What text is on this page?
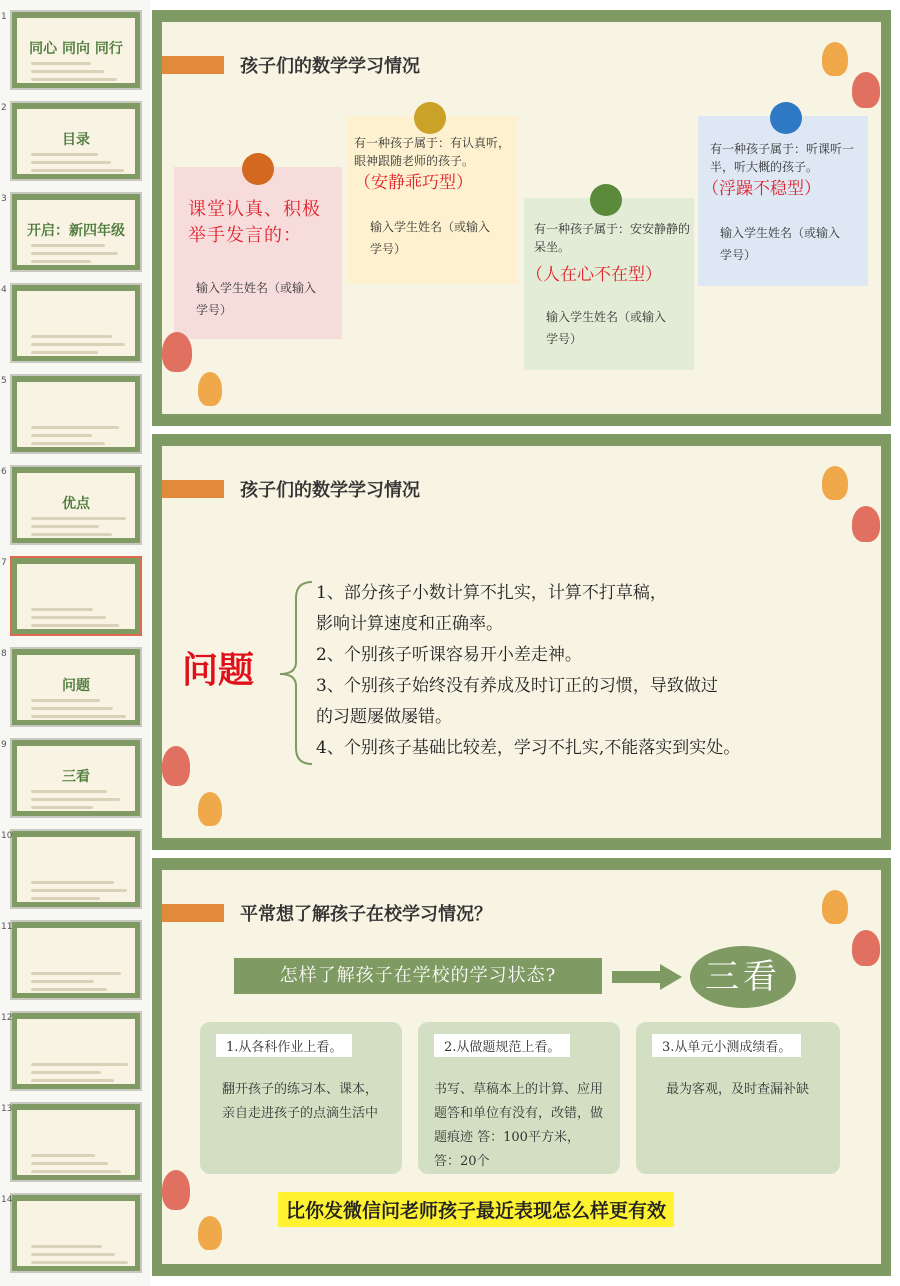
同心 同向 同行
1
目录
2
开启：新四年级
3
4
5
优点
6
7
问题
8
三看
9
10
11
12
13
14
孩子们的数学学习情况
课堂认真、积极举手发言的：
输入学生姓名（或输入学号）
有一种孩子属于：有认真听，眼神跟随老师的孩子。
（安静乖巧型）
输入学生姓名（或输入学号）
有一种孩子属于：安安静静的呆坐。
（人在心不在型）
输入学生姓名（或输入学号）
有一种孩子属于：听课听一半，听大概的孩子。
（浮躁不稳型）
输入学生姓名（或输入学号）
孩子们的数学学习情况
问题
1、部分孩子小数计算不扎实，计算不打草稿，
影响计算速度和正确率。
2、个别孩子听课容易开小差走神。
3、个别孩子始终没有养成及时订正的习惯，导致做过
的习题屡做屡错。
4、个别孩子基础比较差，学习不扎实,不能落实到实处。
平常想了解孩子在校学习情况？
怎样了解孩子在学校的学习状态?	三看
1.从各科作业上看。
翻开孩子的练习本、课本，亲自走进孩子的点滴生活中
2.从做题规范上看。
书写、草稿本上的计算、应用题答和单位有没有，改错，做题痕迹 答：100平方米，答：20个
3.从单元小测成绩看。
最为客观，及时查漏补缺
比你发微信问老师孩子最近表现怎么样更有效
